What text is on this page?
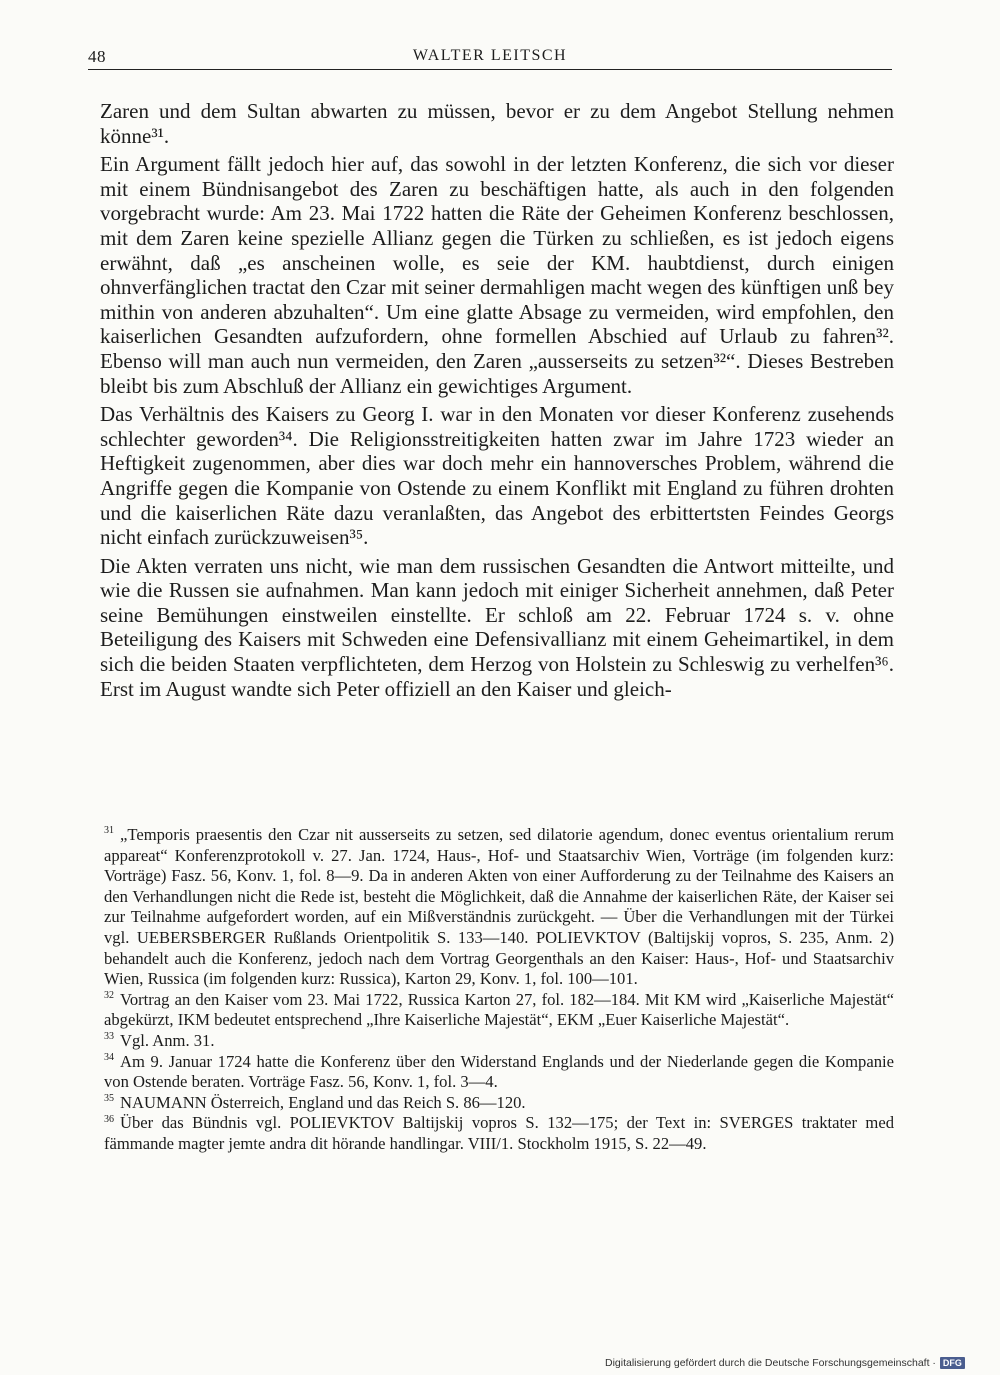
48	WALTER LEITSCH

Zaren und dem Sultan abwarten zu müssen, bevor er zu dem Angebot Stellung nehmen könne³¹.

Ein Argument fällt jedoch hier auf, das sowohl in der letzten Konferenz, die sich vor dieser mit einem Bündnisangebot des Zaren zu beschäftigen hatte, als auch in den folgenden vorgebracht wurde: Am 23. Mai 1722 hatten die Räte der Geheimen Konferenz beschlossen, mit dem Zaren keine spezielle Allianz gegen die Türken zu schließen, es ist jedoch eigens erwähnt, daß „es anscheinen wolle, es seie der KM. haubtdienst, durch einigen ohnverfänglichen tractat den Czar mit seiner dermahligen macht wegen des künftigen unß bey mithin von anderen abzuhalten“. Um eine glatte Absage zu vermeiden, wird empfohlen, den kaiserlichen Gesandten aufzufordern, ohne formellen Abschied auf Urlaub zu fahren³². Ebenso will man auch nun vermeiden, den Zaren „ausserseits zu setzen³²“. Dieses Bestreben bleibt bis zum Abschluß der Allianz ein gewichtiges Argument.

Das Verhältnis des Kaisers zu Georg I. war in den Monaten vor dieser Konferenz zusehends schlechter geworden³⁴. Die Religionsstreitigkeiten hatten zwar im Jahre 1723 wieder an Heftigkeit zugenommen, aber dies war doch mehr ein hannoversches Problem, während die Angriffe gegen die Kompanie von Ostende zu einem Konflikt mit England zu führen drohten und die kaiserlichen Räte dazu veranlaßten, das Angebot des erbittertsten Feindes Georgs nicht einfach zurückzuweisen³⁵.

Die Akten verraten uns nicht, wie man dem russischen Gesandten die Antwort mitteilte, und wie die Russen sie aufnahmen. Man kann jedoch mit einiger Sicherheit annehmen, daß Peter seine Bemühungen einstweilen einstellte. Er schloß am 22. Februar 1724 s. v. ohne Beteiligung des Kaisers mit Schweden eine Defensivallianz mit einem Geheimartikel, in dem sich die beiden Staaten verpflichteten, dem Herzog von Holstein zu Schleswig zu verhelfen³⁶. Erst im August wandte sich Peter offiziell an den Kaiser und gleich-

$^{31}$ „Temporis praesentis den Czar nit ausserseits zu setzen, sed dilatorie agendum, donec eventus orientalium rerum appareat“ Konferenzprotokoll v. 27. Jan. 1724, Haus-, Hof- und Staatsarchiv Wien, Vorträge (im folgenden kurz: Vorträge) Fasz. 56, Konv. 1, fol. 8—9. Da in anderen Akten von einer Aufforderung zu der Teilnahme des Kaisers an den Verhandlungen nicht die Rede ist, besteht die Möglichkeit, daß die Annahme der kaiserlichen Räte, der Kaiser sei zur Teilnahme aufgefordert worden, auf ein Mißverständnis zurückgeht. — Über die Verhandlungen mit der Türkei vgl. UEBERSBERGER Rußlands Orientpolitik S. 133—140. POLIEVKTOV (Baltijskij vopros, S. 235, Anm. 2) behandelt auch die Konferenz, jedoch nach dem Vortrag Georgenthals an den Kaiser: Haus-, Hof- und Staatsarchiv Wien, Russica (im folgenden kurz: Russica), Karton 29, Konv. 1, fol. 100—101.

$^{32}$ Vortrag an den Kaiser vom 23. Mai 1722, Russica Karton 27, fol. 182—184. Mit KM wird „Kaiserliche Majestät“ abgekürzt, IKM bedeutet entsprechend „Ihre Kaiserliche Majestät“, EKM „Euer Kaiserliche Majestät“.

$^{33}$ Vgl. Anm. 31.

$^{34}$ Am 9. Januar 1724 hatte die Konferenz über den Widerstand Englands und der Niederlande gegen die Kompanie von Ostende beraten. Vorträge Fasz. 56, Konv. 1, fol. 3—4.

$^{35}$ NAUMANN Österreich, England und das Reich S. 86—120.

$^{36}$ Über das Bündnis vgl. POLIEVKTOV Baltijskij vopros S. 132—175; der Text in: SVERGES traktater med fämmande magter jemte andra dit hörande handlingar. VIII/1. Stockholm 1915, S. 22—49.

Digitalisierung gefördert durch die Deutsche Forschungsgemeinschaft · DFG
